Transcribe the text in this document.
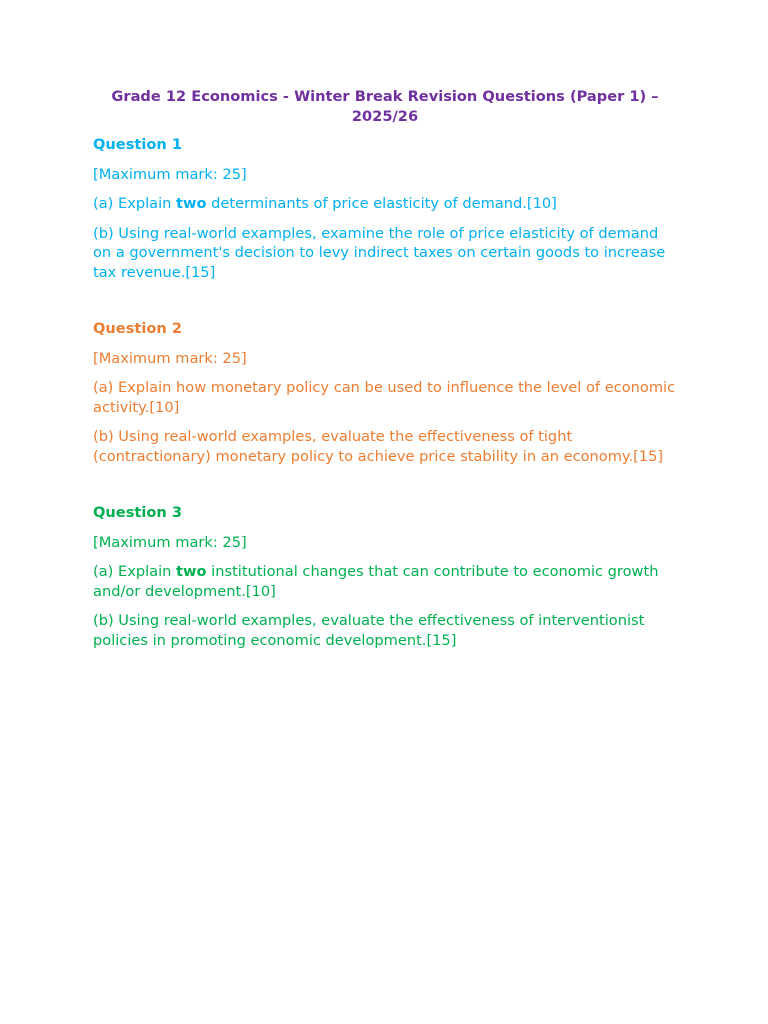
Grade 12 Economics - Winter Break Revision Questions (Paper 1) – 2025/26
Question 1
[Maximum mark: 25]
(a) Explain two determinants of price elasticity of demand.[10]
(b) Using real-world examples, examine the role of price elasticity of demand on a government's decision to levy indirect taxes on certain goods to increase tax revenue.[15]
Question 2
[Maximum mark: 25]
(a) Explain how monetary policy can be used to influence the level of economic activity.[10]
(b) Using real-world examples, evaluate the effectiveness of tight (contractionary) monetary policy to achieve price stability in an economy.[15]
Question 3
[Maximum mark: 25]
(a) Explain two institutional changes that can contribute to economic growth and/or development.[10]
(b) Using real-world examples, evaluate the effectiveness of interventionist policies in promoting economic development.[15]
